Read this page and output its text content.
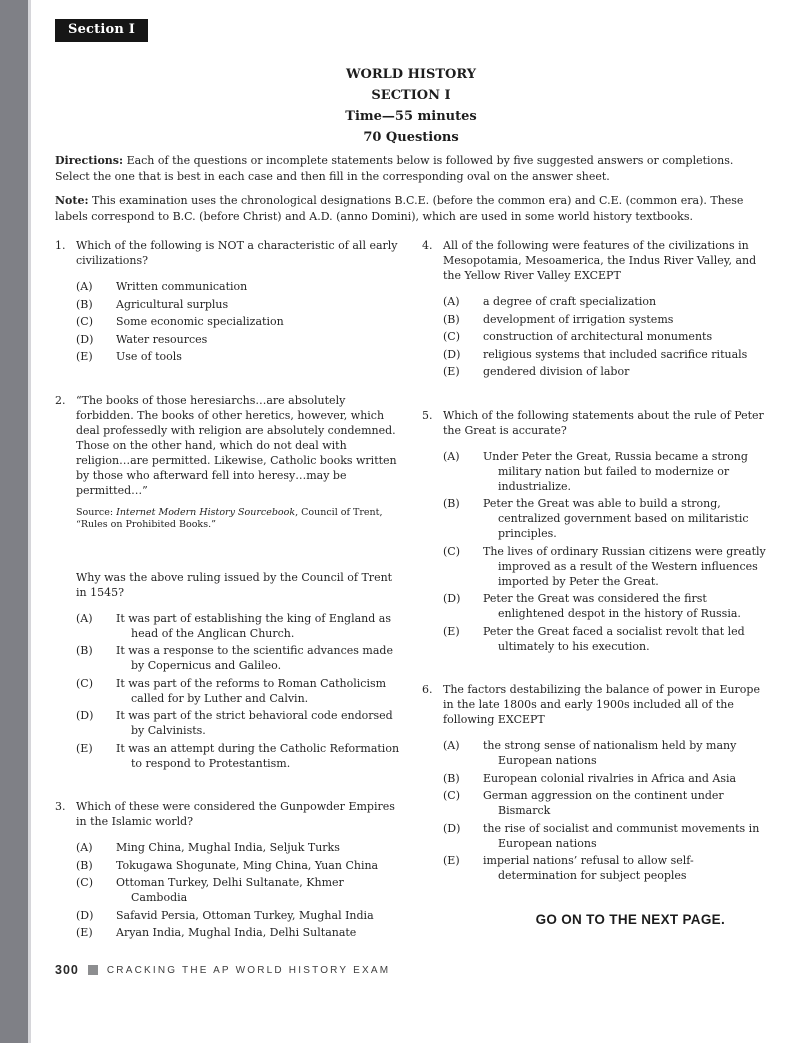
Section I
WORLD HISTORY
SECTION I
Time—55 minutes
70 Questions

Directions: Each of the questions or incomplete statements below is followed by five suggested answers or completions. Select the one that is best in each case and then fill in the corresponding oval on the answer sheet.

Note: This examination uses the chronological designations B.C.E. (before the common era) and C.E. (common era). These labels correspond to B.C. (before Christ) and A.D. (anno Domini), which are used in some world history textbooks.

1. Which of the following is NOT a characteristic of all early civilizations?

(A)	Written communication
(B)	Agricultural surplus
(C)	Some economic specialization
(D)	Water resources
(E)	Use of tools
2. “The books of those heresiarchs…are absolutely forbidden. The books of other heretics, however, which deal professedly with religion are absolutely condemned. Those on the other hand, which do not deal with religion…are permitted. Likewise, Catholic books written by those who afterward fell into heresy…may be permitted…”

Source: Internet Modern History Sourcebook, Council of Trent, “Rules on Prohibited Books.”

Why was the above ruling issued by the Council of Trent in 1545?

(A)	It was part of establishing the king of England as head of the Anglican Church.
(B)	It was a response to the scientific advances made by Copernicus and Galileo.
(C)	It was part of the reforms to Roman Catholicism called for by Luther and Calvin.
(D)	It was part of the strict behavioral code endorsed by Calvinists.
(E)	It was an attempt during the Catholic Reformation to respond to Protestantism.
3. Which of these were considered the Gunpowder Empires in the Islamic world?

(A)	Ming China, Mughal India, Seljuk Turks
(B)	Tokugawa Shogunate, Ming China, Yuan China
(C)	Ottoman Turkey, Delhi Sultanate, Khmer Cambodia
(D)	Safavid Persia, Ottoman Turkey, Mughal India
(E)	Aryan India, Mughal India, Delhi Sultanate
4. All of the following were features of the civilizations in Mesopotamia, Mesoamerica, the Indus River Valley, and the Yellow River Valley EXCEPT

(A)	a degree of craft specialization
(B)	development of irrigation systems
(C)	construction of architectural monuments
(D)	religious systems that included sacrifice rituals
(E)	gendered division of labor
5. Which of the following statements about the rule of Peter the Great is accurate?

(A)	Under Peter the Great, Russia became a strong military nation but failed to modernize or industrialize.
(B)	Peter the Great was able to build a strong, centralized government based on militaristic principles.
(C)	The lives of ordinary Russian citizens were greatly improved as a result of the Western influences imported by Peter the Great.
(D)	Peter the Great was considered the first enlightened despot in the history of Russia.
(E)	Peter the Great faced a socialist revolt that led ultimately to his execution.
6. The factors destabilizing the balance of power in Europe in the late 1800s and early 1900s included all of the following EXCEPT

(A)	the strong sense of nationalism held by many European nations
(B)	European colonial rivalries in Africa and Asia
(C)	German aggression on the continent under Bismarck
(D)	the rise of socialist and communist movements in European nations
(E)	imperial nations’ refusal to allow self-determination for subject peoples
GO ON TO THE NEXT PAGE.
300	CRACKING THE AP WORLD HISTORY EXAM
